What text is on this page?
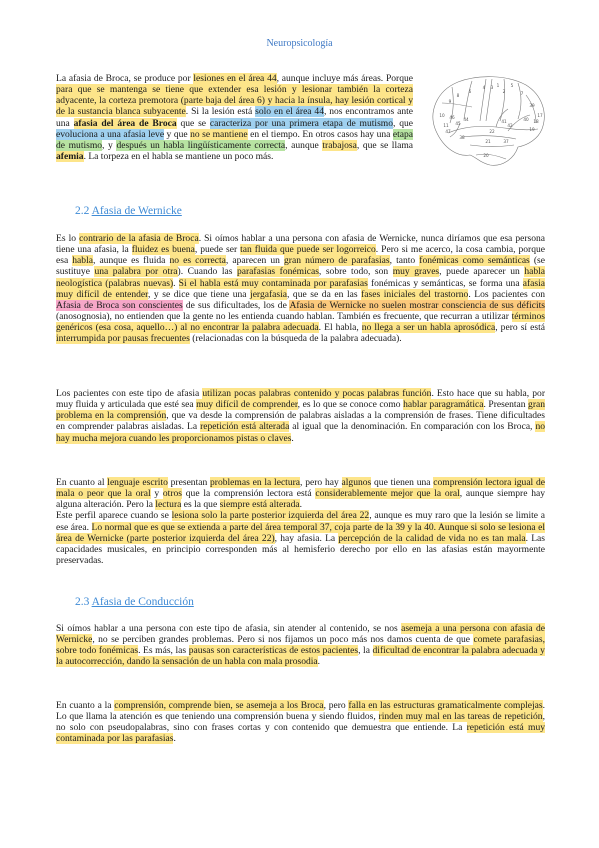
Neuropsicología
La afasia de Broca, se produce por lesiones en el área 44, aunque incluye más áreas. Porque para que se mantenga se tiene que extender esa lesión y lesionar también la corteza adyacente, la corteza premotora (parte baja del área 6) y hacia la ínsula, hay lesión cortical y de la sustancia blanca subyacente. Si la lesión está solo en el área 44, nos encontramos ante una afasia del área de Broca que se caracteriza por una primera etapa de mutismo, que evoluciona a una afasia leve y que no se mantiene en el tiempo. En otros casos hay una etapa de mutismo, y después un habla lingüísticamente correcta, aunque trabajosa, que se llama afemia. La torpeza en el habla se mantiene un poco más.
4
6
8
9
10
11
44
45
46
47
3 1
2
5
7
39
40
41
42
22
21	37
19
18
17
38
20
2.2 Afasia de Wernicke

Es lo contrario de la afasia de Broca. Si oímos hablar a una persona con afasia de Wernicke, nunca diríamos que esa persona tiene una afasia, la fluidez es buena, puede ser tan fluida que puede ser logorreico. Pero si me acerco, la cosa cambia, porque esa habla, aunque es fluida no es correcta, aparecen un gran número de parafasias, tanto fonémicas como semánticas (se sustituye una palabra por otra). Cuando las parafasias fonémicas, sobre todo, son muy graves, puede aparecer un habla neologística (palabras nuevas). Si el habla está muy contaminada por parafasias fonémicas y semánticas, se forma una afasia muy difícil de entender, y se dice que tiene una jergafasia, que se da en las fases iniciales del trastorno. Los pacientes con Afasia de Broca son conscientes de sus dificultades, los de Afasia de Wernicke no suelen mostrar consciencia de sus déficits (anosognosia), no entienden que la gente no les entienda cuando hablan. También es frecuente, que recurran a utilizar términos genéricos (esa cosa, aquello…) al no encontrar la palabra adecuada. El habla, no llega a ser un habla aprosódica, pero sí está interrumpida por pausas frecuentes (relacionadas con la búsqueda de la palabra adecuada).

Los pacientes con este tipo de afasia utilizan pocas palabras contenido y pocas palabras función. Esto hace que su habla, por muy fluida y articulada que esté sea muy difícil de comprender, es lo que se conoce como hablar paragramática. Presentan gran problema en la comprensión, que va desde la comprensión de palabras aisladas a la comprensión de frases. Tiene dificultades en comprender palabras aisladas. La repetición está alterada al igual que la denominación. En comparación con los Broca, no hay mucha mejora cuando les proporcionamos pistas o claves.

En cuanto al lenguaje escrito presentan problemas en la lectura, pero hay algunos que tienen una comprensión lectora igual de mala o peor que la oral y otros que la comprensión lectora está considerablemente mejor que la oral, aunque siempre hay alguna alteración. Pero la lectura es la que siempre está alterada.
Este perfil aparece cuando se lesiona solo la parte posterior izquierda del área 22, aunque es muy raro que la lesión se limite a ese área. Lo normal que es que se extienda a parte del área temporal 37, coja parte de la 39 y la 40. Aunque si solo se lesiona el área de Wernicke (parte posterior izquierda del área 22), hay afasia. La percepción de la calidad de vida no es tan mala. Las capacidades musicales, en principio corresponden más al hemisferio derecho por ello en las afasias están mayormente preservadas.

2.3 Afasia de Conducción

Si oímos hablar a una persona con este tipo de afasia, sin atender al contenido, se nos asemeja a una persona con afasia de Wernicke, no se perciben grandes problemas. Pero si nos fijamos un poco más nos damos cuenta de que comete parafasias, sobre todo fonémicas. Es más, las pausas son características de estos pacientes, la dificultad de encontrar la palabra adecuada y la autocorrección, dando la sensación de un habla con mala prosodia.

En cuanto a la comprensión, comprende bien, se asemeja a los Broca, pero falla en las estructuras gramaticalmente complejas. Lo que llama la atención es que teniendo una comprensión buena y siendo fluidos, rinden muy mal en las tareas de repetición, no solo con pseudopalabras, sino con frases cortas y con contenido que demuestra que entiende. La repetición está muy contaminada por las parafasias.
